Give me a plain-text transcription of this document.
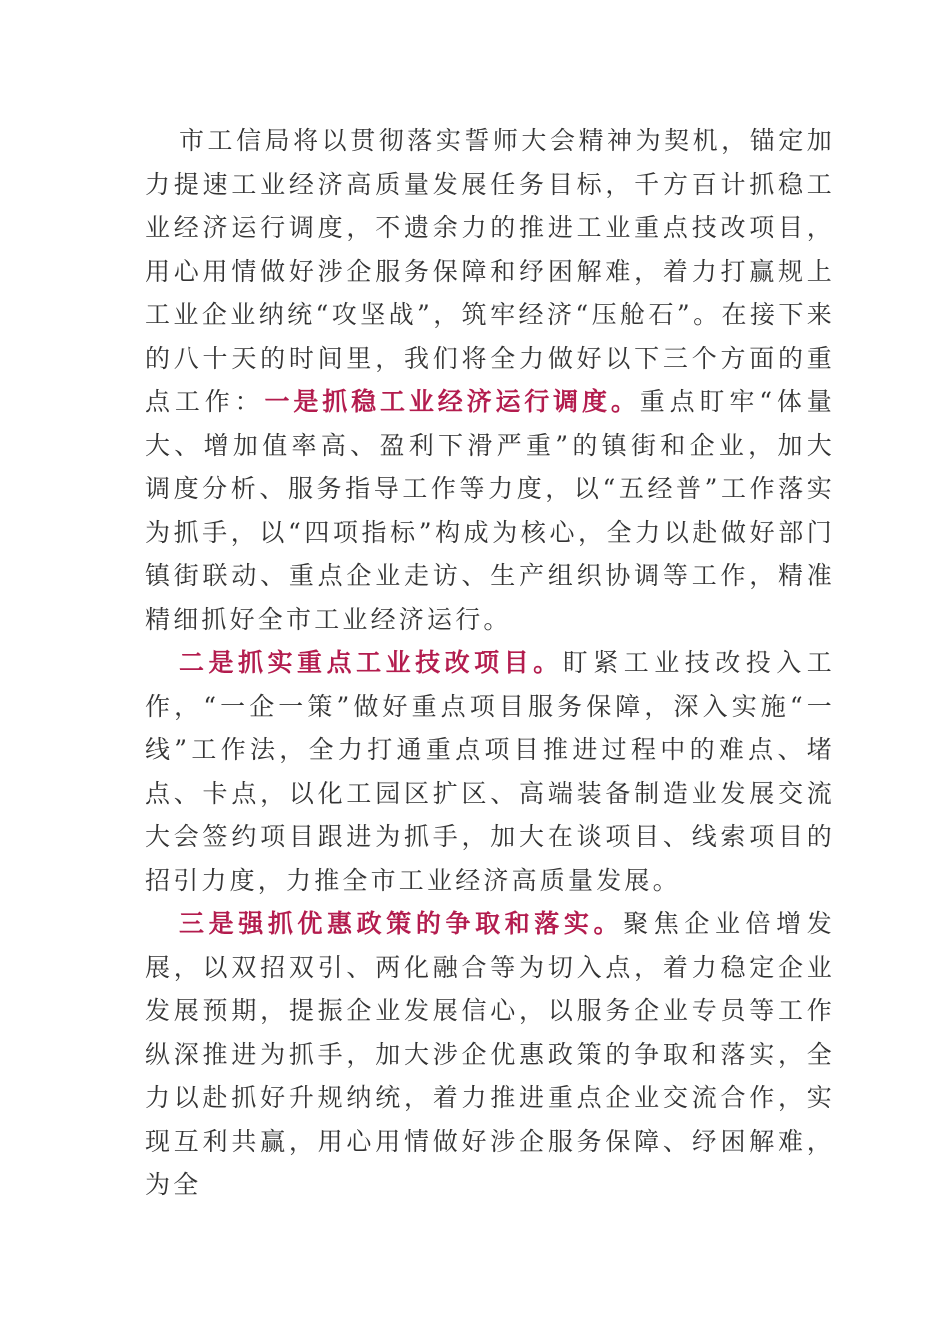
市工信局将以贯彻落实誓师大会精神为契机，锚定加力提速工业经济高质量发展任务目标，千方百计抓稳工业经济运行调度，不遗余力的推进工业重点技改项目，用心用情做好涉企服务保障和纾困解难，着力打赢规上工业企业纳统“攻坚战”，筑牢经济“压舱石”。在接下来的八十天的时间里，我们将全力做好以下三个方面的重点工作：一是抓稳工业经济运行调度。重点盯牢“体量大、增加值率高、盈利下滑严重”的镇街和企业，加大调度分析、服务指导工作等力度，以“五经普”工作落实为抓手，以“四项指标”构成为核心，全力以赴做好部门镇街联动、重点企业走访、生产组织协调等工作，精准精细抓好全市工业经济运行。

二是抓实重点工业技改项目。盯紧工业技改投入工作，“一企一策”做好重点项目服务保障，深入实施“一线”工作法，全力打通重点项目推进过程中的难点、堵点、卡点，以化工园区扩区、高端装备制造业发展交流大会签约项目跟进为抓手，加大在谈项目、线索项目的招引力度，力推全市工业经济高质量发展。

三是强抓优惠政策的争取和落实。聚焦企业倍增发展，以双招双引、两化融合等为切入点，着力稳定企业发展预期，提振企业发展信心，以服务企业专员等工作纵深推进为抓手，加大涉企优惠政策的争取和落实，全力以赴抓好升规纳统，着力推进重点企业交流合作，实现互利共赢，用心用情做好涉企服务保障、纾困解难，为全
